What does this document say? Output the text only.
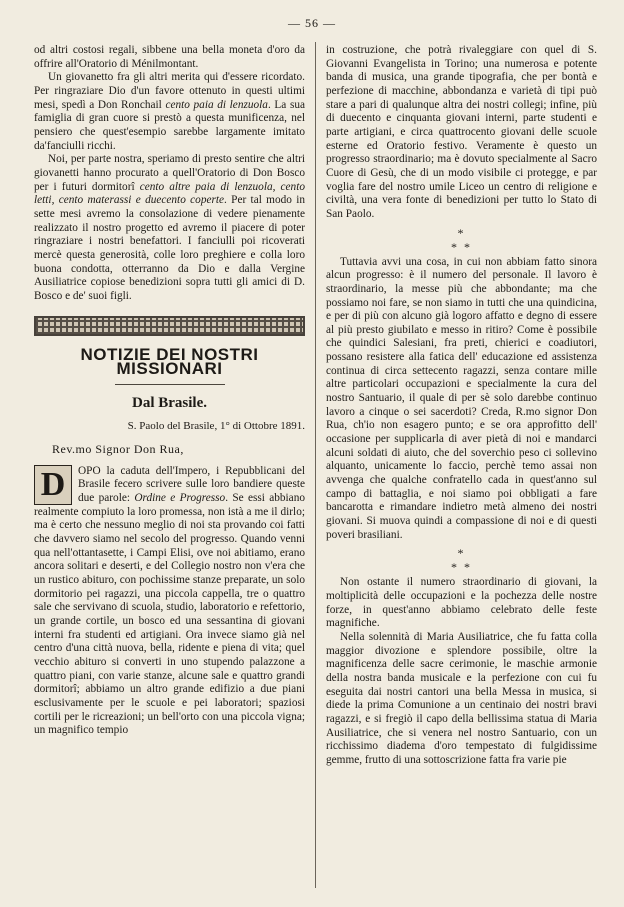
— 56 —

od altri costosi regali, sibbene una bella moneta d'oro da offrire all'Oratorio di Ménilmontant.

Un giovanetto fra gli altri merita qui d'essere ricordato. Per ringraziare Dio d'un favore ottenuto in questi ultimi mesi, spedì a Don Ronchail cento paia di lenzuola. La sua famiglia di gran cuore si prestò a questa munificenza, nel pensiero che quest'esempio sarebbe largamente imitato da'fanciulli ricchi.

Noi, per parte nostra, speriamo di presto sentire che altri giovanetti hanno procurato a quell'Oratorio di Don Bosco per i futuri dormitorî cento altre paia di lenzuola, cento letti, cento materassi e duecento coperte. Per tal modo in sette mesi avremo la consolazione di vedere pienamente realizzato il nostro progetto ed avremo il piacere di poter ringraziare i nostri benefattori. I fanciulli poi ricoverati mercè questa generosità, colle loro preghiere e colla loro buona condotta, otterranno da Dio e dalla Vergine Ausiliatrice copiose benedizioni sopra tutti gli amici di D. Bosco e de' suoi figli.

NOTIZIE DEI NOSTRI MISSIONARI
Dal Brasile.
S. Paolo del Brasile, 1° di Ottobre 1891.
Rev.mo Signor Don Rua,

D	OPO la caduta dell'Impero, i Repubblicani del Brasile fecero scrivere sulle loro bandiere queste due parole: Ordine e Progresso. Se essi abbiano realmente compiuto la loro promessa, non istà a me il dirlo; ma è certo che nessuno meglio di noi sta provando coi fatti che davvero siamo nel secolo del progresso. Quando venni qua nell'ottantasette, i Campi Elisi, ove noi abitiamo, erano ancora solitari e deserti, e del Collegio nostro non v'era che un rustico abituro, con pochissime stanze preparate, un solo dormitorio pei ragazzi, una piccola cappella, tre o quattro sale che servivano di scuola, studio, laboratorio e refettorio, un grande cortile, un bosco ed una sessantina di giovani interni fra studenti ed artigiani. Ora invece siamo già nel centro d'una città nuova, bella, ridente e piena di vita; quel vecchio abituro si converti in uno stupendo palazzone a quattro piani, con varie stanze, alcune sale e quattro grandi dormitorî; abbiamo un altro grande edifizio a due piani esclusivamente per le scuole e pei laboratori; spaziosi cortili per le ricreazioni; un bell'orto con una piccola vigna; un magnifico tempio

in costruzione, che potrà rivaleggiare con quel di S. Giovanni Evangelista in Torino; una numerosa e potente banda di musica, una grande tipografia, che per bontà e perfezione di macchine, abbondanza e varietà di tipi può stare a pari di qualunque altra dei nostri collegi; infine, più di duecento e cinquanta giovani interni, parte studenti e parte artigiani, e circa quattrocento giovani delle scuole esterne ed Oratorio festivo. Veramente è questo un progresso straordinario; ma è dovuto specialmente al Sacro Cuore di Gesù, che di un modo visibile ci protegge, e par voglia fare del nostro umile Liceo un centro di religione e civiltà, una vera fonte di benedizioni per tutto lo Stato di San Paolo.

*
* *

Tuttavia avvi una cosa, in cui non abbiam fatto sinora alcun progresso: è il numero del personale. Il lavoro è straordinario, la messe più che abbondante; ma che possiamo noi fare, se non siamo in tutti che una quindicina, e per di più con alcuno già logoro affatto e degno di essere al più presto giubilato e messo in ritiro? Come è possibile che quindici Salesiani, fra preti, chierici e coadiutori, possano resistere alla fatica dell' educazione ed assistenza continua di circa settecento ragazzi, senza contare mille altre particolari occupazioni e specialmente la cura del nostro Santuario, il quale di per sè solo darebbe continuo lavoro a cinque o sei sacerdoti? Creda, R.mo signor Don Rua, ch'io non esagero punto; e se ora approfitto dell' occasione per supplicarla di aver pietà di noi e mandarci alcuni soldati di aiuto, che del soverchio peso ci sollevino alquanto, unicamente lo faccio, perchè temo assai non avvenga che qualche confratello cada in quest'anno sul campo di battaglia, e noi siamo poi obbligati a fare bancarotta e rimandare indietro metà almeno dei nostri giovani. Si muova quindi a compassione di noi e di questi poveri brasiliani.

*
* *

Non ostante il numero straordinario di giovani, la moltiplicità delle occupazioni e la pochezza delle nostre forze, in quest'anno abbiamo celebrato delle feste magnifiche.

Nella solennità di Maria Ausiliatrice, che fu fatta colla maggior divozione e splendore possibile, oltre la magnificenza delle sacre cerimonie, le maschie armonie della nostra banda musicale e la perfezione con cui fu eseguita dai nostri cantori una bella Messa in musica, si diede la prima Comunione a un centinaio dei nostri bravi ragazzi, e si fregiò il capo della bellissima statua di Maria Ausiliatrice, che si venera nel nostro Santuario, con un ricchissimo diadema d'oro tempestato di fulgidissime gemme, frutto di una sottoscrizione fatta fra varie pie
